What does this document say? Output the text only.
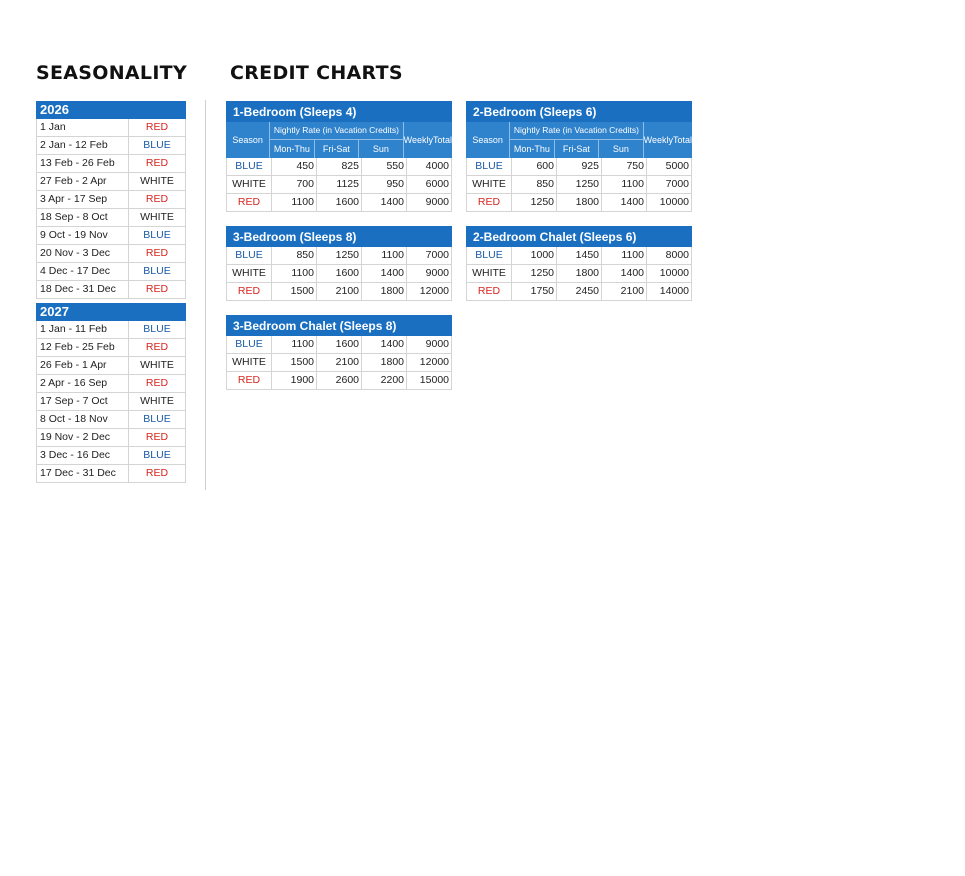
SEASONALITY CREDIT CHARTS
2026
1 Jan	RED
2 Jan - 12 Feb	BLUE
13 Feb - 26 Feb	RED
27 Feb - 2 Apr	WHITE
3 Apr - 17 Sep	RED
18 Sep - 8 Oct	WHITE
9 Oct - 19 Nov	BLUE
20 Nov - 3 Dec	RED
4 Dec - 17 Dec	BLUE
18 Dec - 31 Dec	RED
2027
1 Jan - 11 Feb	BLUE
12 Feb - 25 Feb	RED
26 Feb - 1 Apr	WHITE
2 Apr - 16 Sep	RED
17 Sep - 7 Oct	WHITE
8 Oct - 18 Nov	BLUE
19 Nov - 2 Dec	RED
3 Dec - 16 Dec	BLUE
17 Dec - 31 Dec	RED
1-Bedroom (Sleeps 4)
Season
Nightly Rate (in Vacation Credits)
Mon-Thu	Fri-Sat	Sun
Weekly Total
BLUE	450	825	550	4000
WHITE	700	1125	950	6000
RED	1100	1600	1400	9000
2-Bedroom (Sleeps 6)
Season
Nightly Rate (in Vacation Credits)
Mon-Thu	Fri-Sat	Sun
Weekly Total
BLUE	600	925	750	5000
WHITE	850	1250	1100	7000
RED	1250	1800	1400	10000
3-Bedroom (Sleeps 8)
BLUE	850	1250	1100	7000
WHITE	1100	1600	1400	9000
RED	1500	2100	1800	12000
2-Bedroom Chalet (Sleeps 6)
BLUE	1000	1450	1100	8000
WHITE	1250	1800	1400	10000
RED	1750	2450	2100	14000
3-Bedroom Chalet (Sleeps 8)
BLUE	1100	1600	1400	9000
WHITE	1500	2100	1800	12000
RED	1900	2600	2200	15000
